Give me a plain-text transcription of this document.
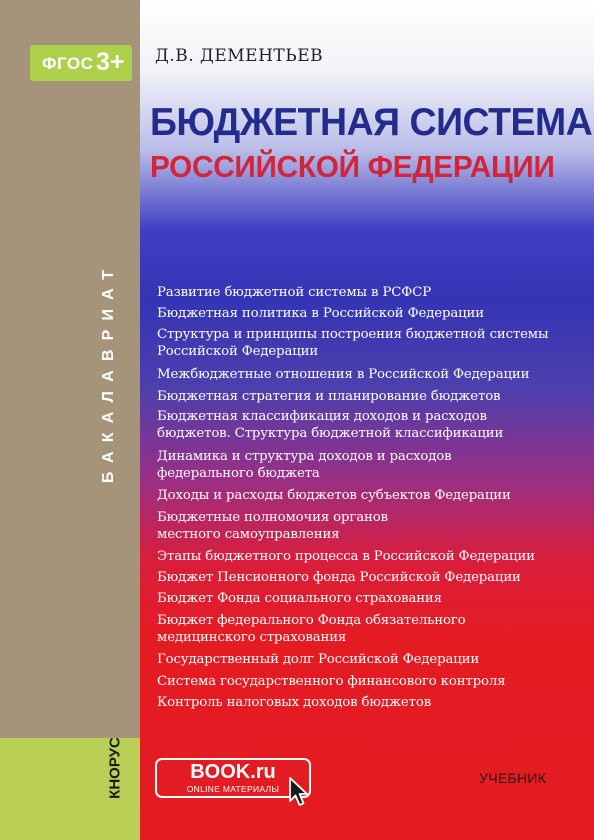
ФГОС 3+
БАКАЛАВРИАТ
КНОРУС
Д.В. ДЕМЕНТЬЕВ
БЮДЖЕТНАЯ СИСТЕМА
РОССИЙСКОЙ ФЕДЕРАЦИИ
Развитие бюджетной системы в РСФСР
Бюджетная политика в Российской Федерации
Структура и принципы построения бюджетной системы
Российской Федерации
Межбюджетные отношения в Российской Федерации
Бюджетная стратегия и планирование бюджетов
Бюджетная классификация доходов и расходов
бюджетов. Структура бюджетной классификации
Динамика и структура доходов и расходов
федерального бюджета
Доходы и расходы бюджетов субъектов Федерации
Бюджетные полномочия органов
местного самоуправления
Этапы бюджетного процесса в Российской Федерации
Бюджет Пенсионного фонда Российской Федерации
Бюджет Фонда социального страхования
Бюджет федерального Фонда обязательного
медицинского страхования
Государственный долг Российской Федерации
Система государственного финансового контроля
Контроль налоговых доходов бюджетов
BOOK.ru
ONLINE МАТЕРИАЛЫ
УЧЕБНИК
